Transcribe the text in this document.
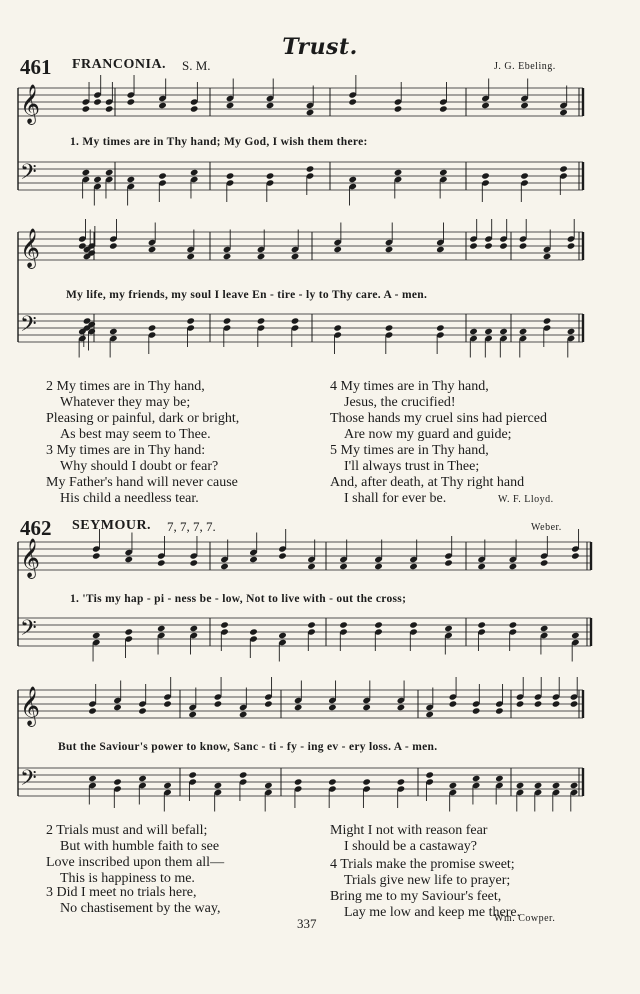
Trust.
461 FRANCONIA. S. M.	J. G. Ebeling.
1. My times are in Thy hand; My God, I wish them there:
My life, my friends, my soul I leave En - tire - ly to Thy care. A - men.
2 My times are in Thy hand,
Whatever they may be;
Pleasing or painful, dark or bright,
As best may seem to Thee.
3 My times are in Thy hand:
Why should I doubt or fear?
My Father's hand will never cause
His child a needless tear.
4 My times are in Thy hand,
Jesus, the crucified!
Those hands my cruel sins had pierced
Are now my guard and guide;
5 My times are in Thy hand,
I'll always trust in Thee;
And, after death, at Thy right hand
I shall for ever be.	W. F. Lloyd.
462 SEYMOUR. 7, 7, 7, 7.	Weber.
1. 'Tis my hap - pi - ness be - low, Not to live with - out the cross;
But the Saviour's power to know, Sanc - ti - fy - ing ev - ery loss. A - men.
2 Trials must and will befall;
But with humble faith to see
Love inscribed upon them all—
This is happiness to me.
3 Did I meet no trials here,
No chastisement by the way,
Might I not with reason fear
I should be a castaway?
4 Trials make the promise sweet;
Trials give new life to prayer;
Bring me to my Saviour's feet,
Lay me low and keep me there.
Wm. Cowper.
337
𝄞
𝄢
𝄞
𝄢
𝄞
𝄢
𝄞
𝄢
